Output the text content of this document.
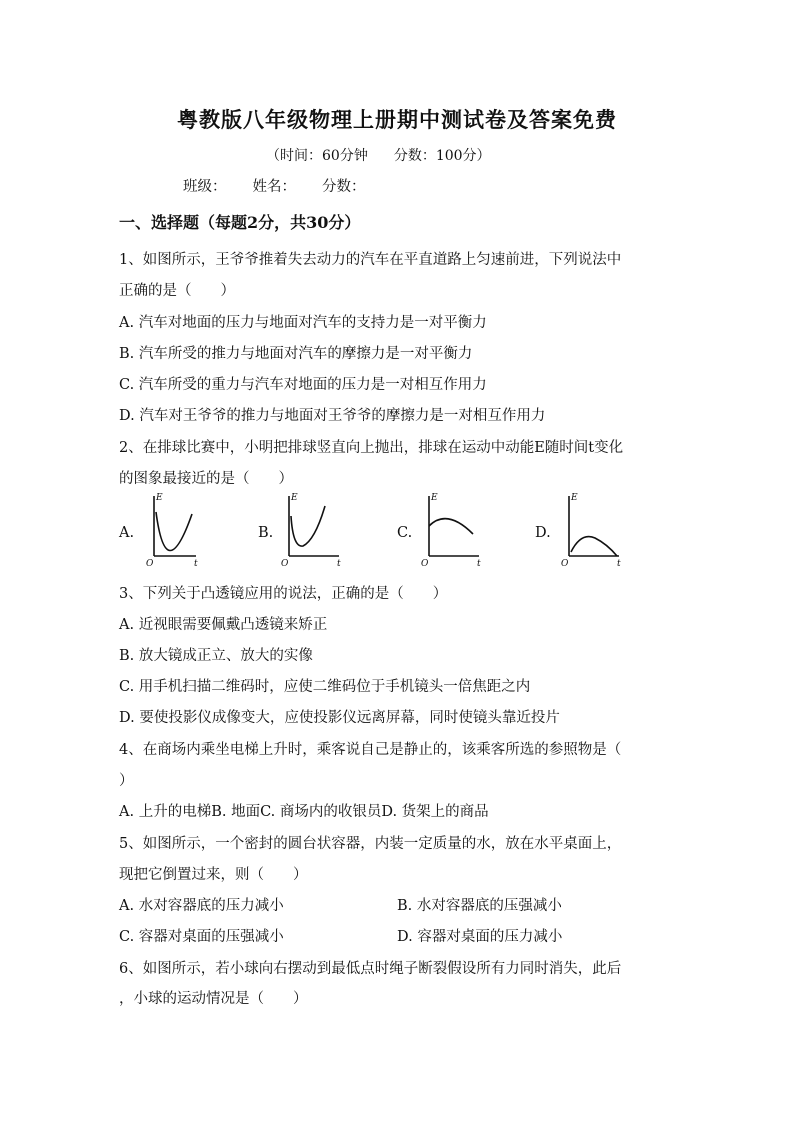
粤教版八年级物理上册期中测试卷及答案免费
（时间：60分钟 分数：100分）
班级： 姓名： 分数：
一、选择题（每题2分，共30分）
1、如图所示，王爷爷推着失去动力的汽车在平直道路上匀速前进，下列说法中
正确的是（　　）
A. 汽车对地面的压力与地面对汽车的支持力是一对平衡力
B. 汽车所受的推力与地面对汽车的摩擦力是一对平衡力
C. 汽车所受的重力与汽车对地面的压力是一对相互作用力
D. 汽车对王爷爷的推力与地面对王爷爷的摩擦力是一对相互作用力
2、在排球比赛中，小明把排球竖直向上抛出，排球在运动中动能E随时间t变化
的图象最接近的是（　　）
A.
E
O	t
B.
E
O	t
C.
E
O	t
D.
E
O	t
3、下列关于凸透镜应用的说法，正确的是（　　）
A. 近视眼需要佩戴凸透镜来矫正
B. 放大镜成正立、放大的实像
C. 用手机扫描二维码时，应使二维码位于手机镜头一倍焦距之内
D. 要使投影仪成像变大，应使投影仪远离屏幕，同时使镜头靠近投片
4、在商场内乘坐电梯上升时，乘客说自己是静止的，该乘客所选的参照物是（
）
A. 上升的电梯B. 地面C. 商场内的收银员D. 货架上的商品
5、如图所示，一个密封的圆台状容器，内装一定质量的水，放在水平桌面上，
现把它倒置过来，则（　　）
A. 水对容器底的压力减小	B. 水对容器底的压强减小
C. 容器对桌面的压强减小	D. 容器对桌面的压力减小
6、如图所示，若小球向右摆动到最低点时绳子断裂假设所有力同时消失，此后
，小球的运动情况是（　　）
